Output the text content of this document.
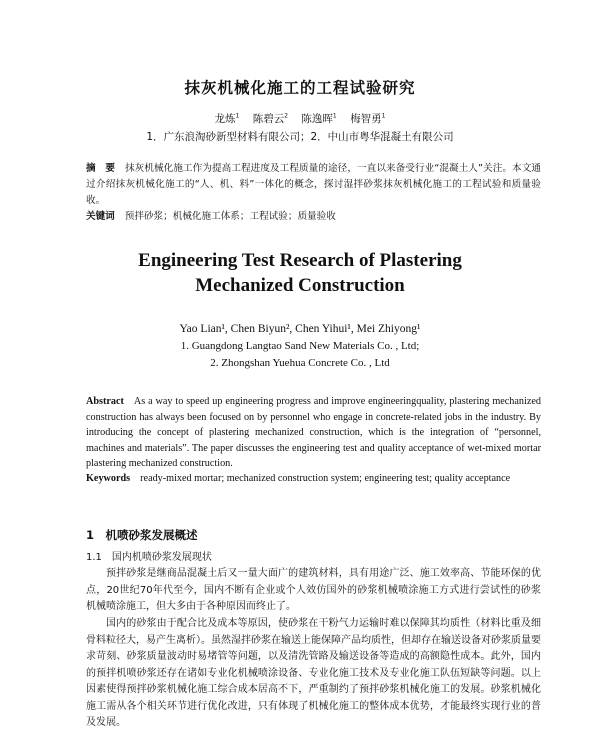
抹灰机械化施工的工程试验研究
龙炼$^1$ 陈碧云$^2$ 陈逸晖$^1$ 梅智勇$^1$
1．广东浪淘砂新型材料有限公司；2．中山市粤华混凝土有限公司
摘　要 抹灰机械化施工作为提高工程进度及工程质量的途径，一直以来备受行业“混凝土人”关注。本文通过介绍抹灰机械化施工的“人、机、料”一体化的概念，探讨湿拌砂浆抹灰机械化施工的工程试验和质量验收。
关键词 预拌砂浆；机械化施工体系；工程试验；质量验收
Engineering Test Research of Plastering
Mechanized Construction
Yao Lian¹, Chen Biyun², Chen Yihui¹, Mei Zhiyong¹
1. Guangdong Langtao Sand New Materials Co. , Ltd;
2. Zhongshan Yuehua Concrete Co. , Ltd
Abstract As a way to speed up engineering progress and improve engineeringquality, plastering mechanized construction has always been focused on by personnel who engage in concrete-related jobs in the industry. By introducing the concept of plastering mechanized construction, which is the integration of “personnel, machines and materials”. The paper discusses the engineering test and quality acceptance of wet-mixed mortar plastering mechanized construction.
Keywords ready-mixed mortar; mechanized construction system; engineering test; quality acceptance
1　机喷砂浆发展概述
1.1　国内机喷砂浆发展现状
预拌砂浆是继商品混凝土后又一量大面广的建筑材料，具有用途广泛、施工效率高、节能环保的优点，20世纪70年代至今，国内不断有企业或个人效仿国外的砂浆机械喷涂施工方式进行尝试性的砂浆机械喷涂施工，但大多由于各种原因而终止了。
国内的砂浆由于配合比及成本等原因，使砂浆在干粉气力运输时难以保障其均质性（材料比重及细骨料粒径大，易产生离析）。虽然湿拌砂浆在输送上能保障产品均质性，但却存在输送设备对砂浆质量要求苛刻、砂浆质量波动时易堵管等问题，以及清洗管路及输送设备等造成的高额隐性成本。此外，国内的预拌机喷砂浆还存在诸如专业化机械喷涂设备、专业化施工技术及专业化施工队伍短缺等问题。以上因素使得预拌砂浆机械化施工综合成本居高不下，严重制约了预拌砂浆机械化施工的发展。砂浆机械化施工需从各个相关环节进行优化改进，只有体现了机械化施工的整体成本优势，才能最终实现行业的普及发展。
